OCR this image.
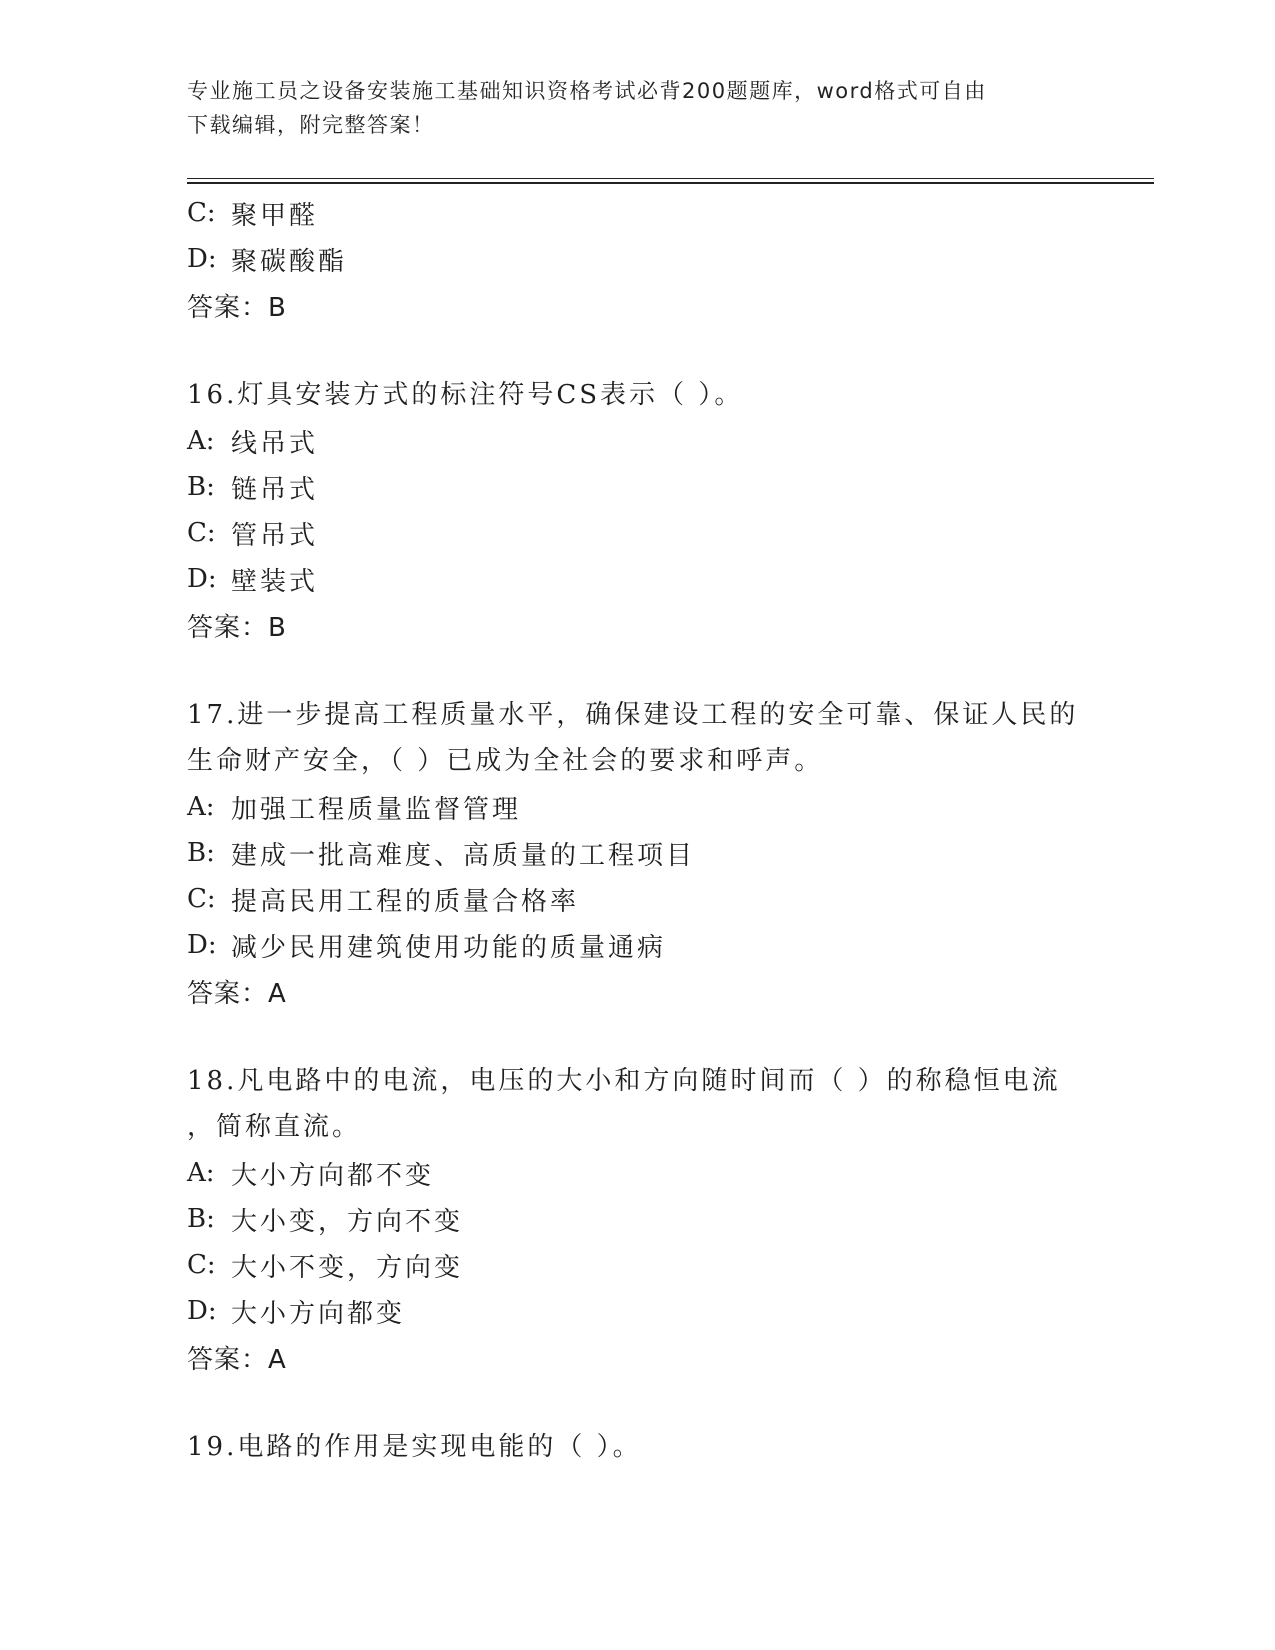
专业施工员之设备安装施工基础知识资格考试必背200题题库，word格式可自由
下载编辑，附完整答案！
C: 聚甲醛
D: 聚碳酸酯
答案：B
16.灯具安装方式的标注符号CS表示（ ）。
A: 线吊式
B: 链吊式
C: 管吊式
D: 壁装式
答案：B
17.进一步提高工程质量水平，确保建设工程的安全可靠、保证人民的
生命财产安全，（ ）已成为全社会的要求和呼声。
A: 加强工程质量监督管理
B: 建成一批高难度、高质量的工程项目
C: 提高民用工程的质量合格率
D: 减少民用建筑使用功能的质量通病
答案：A
18.凡电路中的电流，电压的大小和方向随时间而（ ）的称稳恒电流
，简称直流。
A: 大小方向都不变
B: 大小变，方向不变
C: 大小不变，方向变
D: 大小方向都变
答案：A
19.电路的作用是实现电能的（ ）。
